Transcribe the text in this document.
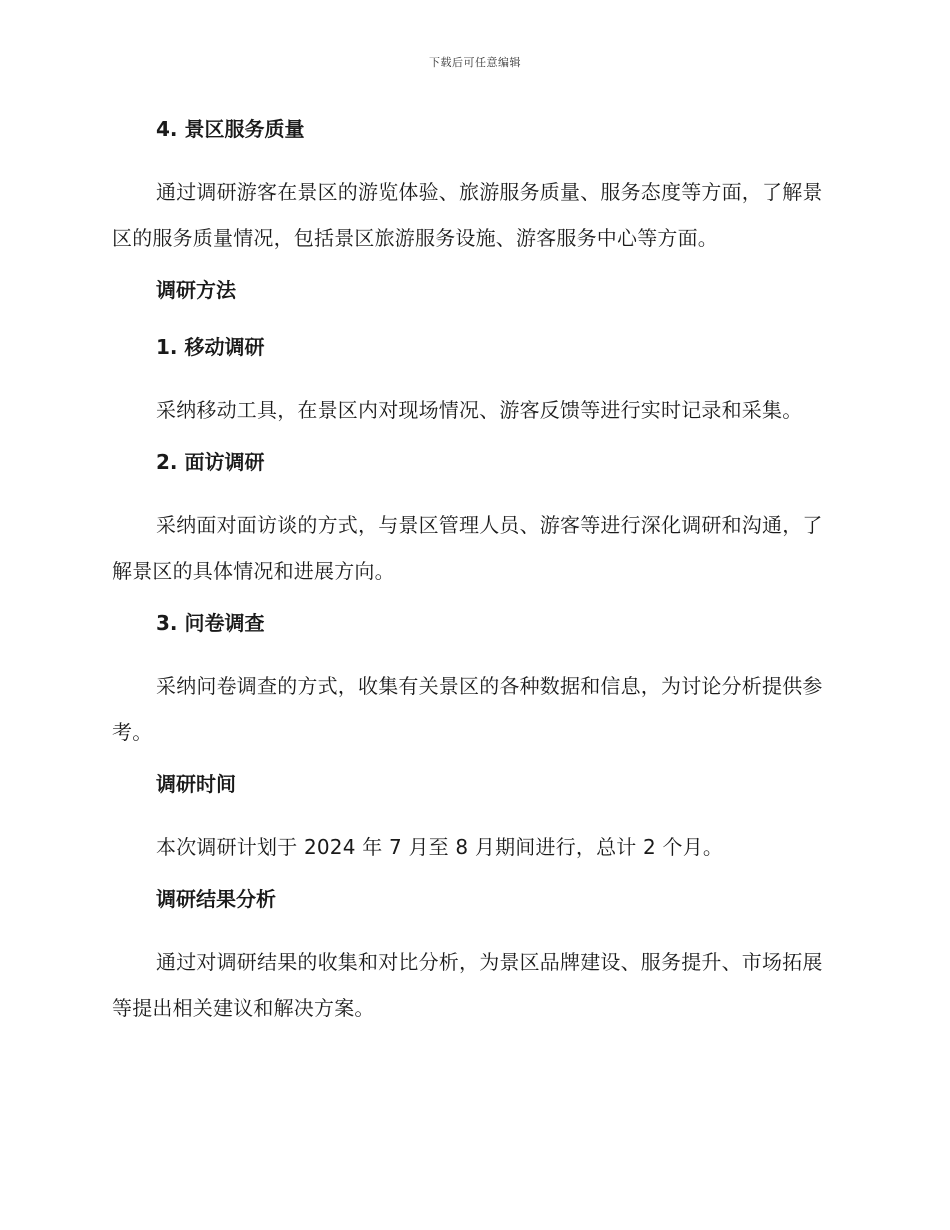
下载后可任意编辑
4. 景区服务质量

通过调研游客在景区的游览体验、旅游服务质量、服务态度等方面，了解景区的服务质量情况，包括景区旅游服务设施、游客服务中心等方面。

调研方法
1. 移动调研

采纳移动工具，在景区内对现场情况、游客反馈等进行实时记录和采集。

2. 面访调研

采纳面对面访谈的方式，与景区管理人员、游客等进行深化调研和沟通，了解景区的具体情况和进展方向。

3. 问卷调查

采纳问卷调查的方式，收集有关景区的各种数据和信息，为讨论分析提供参考。

调研时间

本次调研计划于 2024 年 7 月至 8 月期间进行，总计 2 个月。

调研结果分析

通过对调研结果的收集和对比分析，为景区品牌建设、服务提升、市场拓展等提出相关建议和解决方案。
